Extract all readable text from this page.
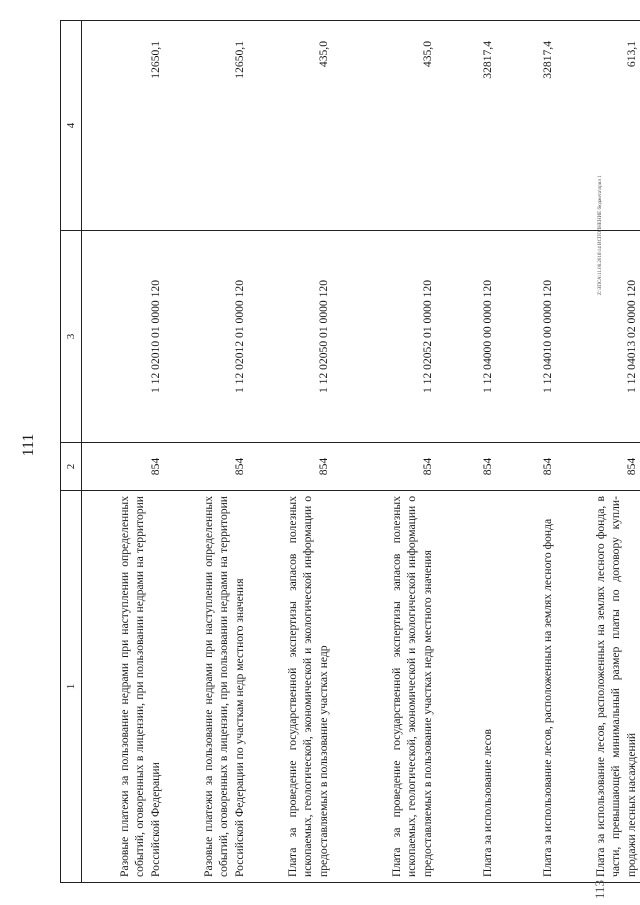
111
1	2	3	4
Разовые платежи за пользование недрами при наступлении определенных событий, оговоренных в лицензии, при пользовании недрами на территории Российской Федерации	854	1 12 02010 01 0000 120	12650,1
Разовые платежи за пользование недрами при наступлении определенных событий, оговоренных в лицензии, при пользовании недрами на территории Российской Федерации по участкам недр местного значения	854	1 12 02012 01 0000 120	12650,1
Плата за проведение государственной экспертизы запасов полезных ископаемых, геологической, экономической и экологической информации о предоставляемых в пользование участках недр	854	1 12 02050 01 0000 120	435,0
Плата за проведение государственной экспертизы запасов полезных ископаемых, геологической, экономической и экологической информации о предоставляемых в пользование участках недр местного значения	854	1 12 02052 01 0000 120	435,0
Плата за использование лесов	854	1 12 04000 00 0000 120	32817,4
Плата за использование лесов, расположенных на землях лесного фонда	854	1 12 04010 00 0000 120	32817,4
Плата за использование лесов, расположенных на землях лесного фонда, в части, превышающей минимальный размер платы по договору купли-продажи лесных насаждений	854	1 12 04013 02 0000 120	613,1
Z:\ЗПСА\11.06.2016\14 ИСПОЛНЕНИЕ бюджета\прил 1
113
